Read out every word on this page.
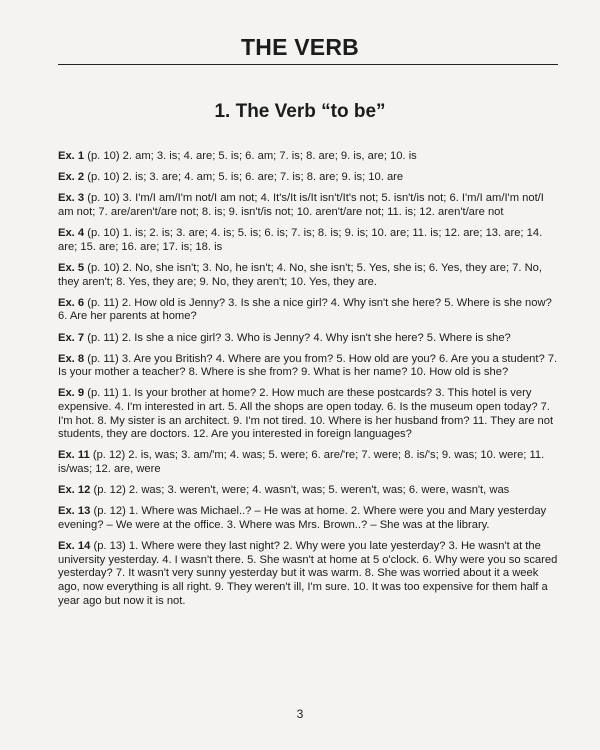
THE VERB
1. The Verb “to be”

Ex. 1 (p. 10) 2. am; 3. is; 4. are; 5. is; 6. am; 7. is; 8. are; 9. is, are; 10. is

Ex. 2 (p. 10) 2. is; 3. are; 4. am; 5. is; 6. are; 7. is; 8. are; 9. is; 10. are

Ex. 3 (p. 10) 3. I'm/I am/I'm not/I am not; 4. It's/It is/It isn't/It's not; 5. isn't/is not; 6. I'm/I am/I'm not/I am not; 7. are/aren't/are not; 8. is; 9. isn't/is not; 10. aren't/are not; 11. is; 12. aren't/are not

Ex. 4 (p. 10) 1. is; 2. is; 3. are; 4. is; 5. is; 6. is; 7. is; 8. is; 9. is; 10. are; 11. is; 12. are; 13. are; 14. are; 15. are; 16. are; 17. is; 18. is

Ex. 5 (p. 10) 2. No, she isn't; 3. No, he isn't; 4. No, she isn't; 5. Yes, she is; 6. Yes, they are; 7. No, they aren't; 8. Yes, they are; 9. No, they aren't; 10. Yes, they are.

Ex. 6 (p. 11) 2. How old is Jenny? 3. Is she a nice girl? 4. Why isn't she here? 5. Where is she now? 6. Are her parents at home?

Ex. 7 (p. 11) 2. Is she a nice girl? 3. Who is Jenny? 4. Why isn't she here? 5. Where is she?

Ex. 8 (p. 11) 3. Are you British? 4. Where are you from? 5. How old are you? 6. Are you a student? 7. Is your mother a teacher? 8. Where is she from? 9. What is her name? 10. How old is she?

Ex. 9 (p. 11) 1. Is your brother at home? 2. How much are these postcards? 3. This hotel is very expensive. 4. I'm interested in art. 5. All the shops are open today. 6. Is the museum open today? 7. I'm hot. 8. My sister is an architect. 9. I'm not tired. 10. Where is her husband from? 11. They are not students, they are doctors. 12. Are you interested in foreign languages?

Ex. 11 (p. 12) 2. is, was; 3. am/'m; 4. was; 5. were; 6. are/'re; 7. were; 8. is/'s; 9. was; 10. were; 11. is/was; 12. are, were

Ex. 12 (p. 12) 2. was; 3. weren't, were; 4. wasn't, was; 5. weren't, was; 6. were, wasn't, was

Ex. 13 (p. 12) 1. Where was Michael..? – He was at home. 2. Where were you and Mary yesterday evening? – We were at the office. 3. Where was Mrs. Brown..? – She was at the library.

Ex. 14 (p. 13) 1. Where were they last night? 2. Why were you late yesterday? 3. He wasn't at the university yesterday. 4. I wasn't there. 5. She wasn't at home at 5 o'clock. 6. Why were you so scared yesterday? 7. It wasn't very sunny yesterday but it was warm. 8. She was worried about it a week ago, now everything is all right. 9. They weren't ill, I'm sure. 10. It was too expensive for them half a year ago but now it is not.

3
